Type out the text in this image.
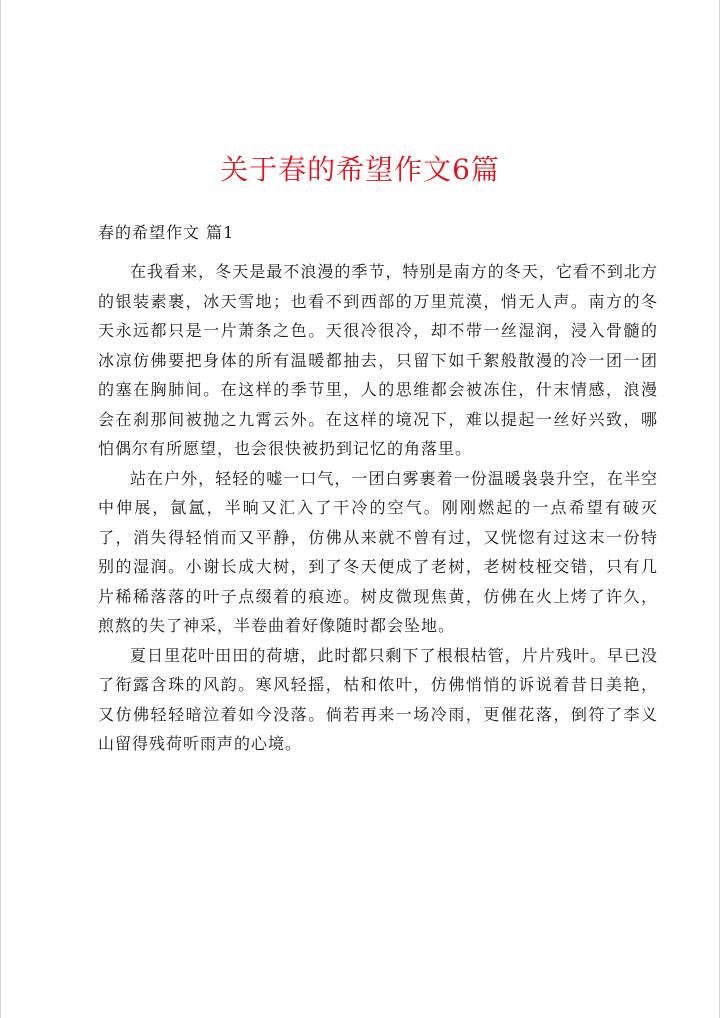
关于春的希望作文6篇
春的希望作文 篇1

在我看来，冬天是最不浪漫的季节，特别是南方的冬天，它看不到北方的银装素裹，冰天雪地；也看不到西部的万里荒漠，悄无人声。南方的冬天永远都只是一片萧条之色。天很冷很冷，却不带一丝湿润，浸入骨髓的冰凉仿佛要把身体的所有温暖都抽去，只留下如千絮般散漫的冷一团一团的塞在胸肺间。在这样的季节里，人的思维都会被冻住，什末情感，浪漫会在刹那间被抛之九霄云外。在这样的境况下，难以提起一丝好兴致，哪怕偶尔有所愿望，也会很快被扔到记忆的角落里。

站在户外，轻轻的嘘一口气，一团白雾裹着一份温暖袅袅升空，在半空中伸展，氤氲，半晌又汇入了干冷的空气。刚刚燃起的一点希望有破灭了，消失得轻悄而又平静，仿佛从来就不曾有过，又恍惚有过这末一份特别的湿润。小谢长成大树，到了冬天便成了老树，老树枝桠交错，只有几片稀稀落落的叶子点缀着的痕迹。树皮微现焦黄，仿佛在火上烤了许久，煎熬的失了神采，半卷曲着好像随时都会坠地。

夏日里花叶田田的荷塘，此时都只剩下了根根枯管，片片残叶。早已没了衔露含珠的风韵。寒风轻摇，枯和侬叶，仿佛悄悄的诉说着昔日美艳，又仿佛轻轻暗泣着如今没落。倘若再来一场冷雨，更催花落，倒符了李义山留得残荷听雨声的心境。
